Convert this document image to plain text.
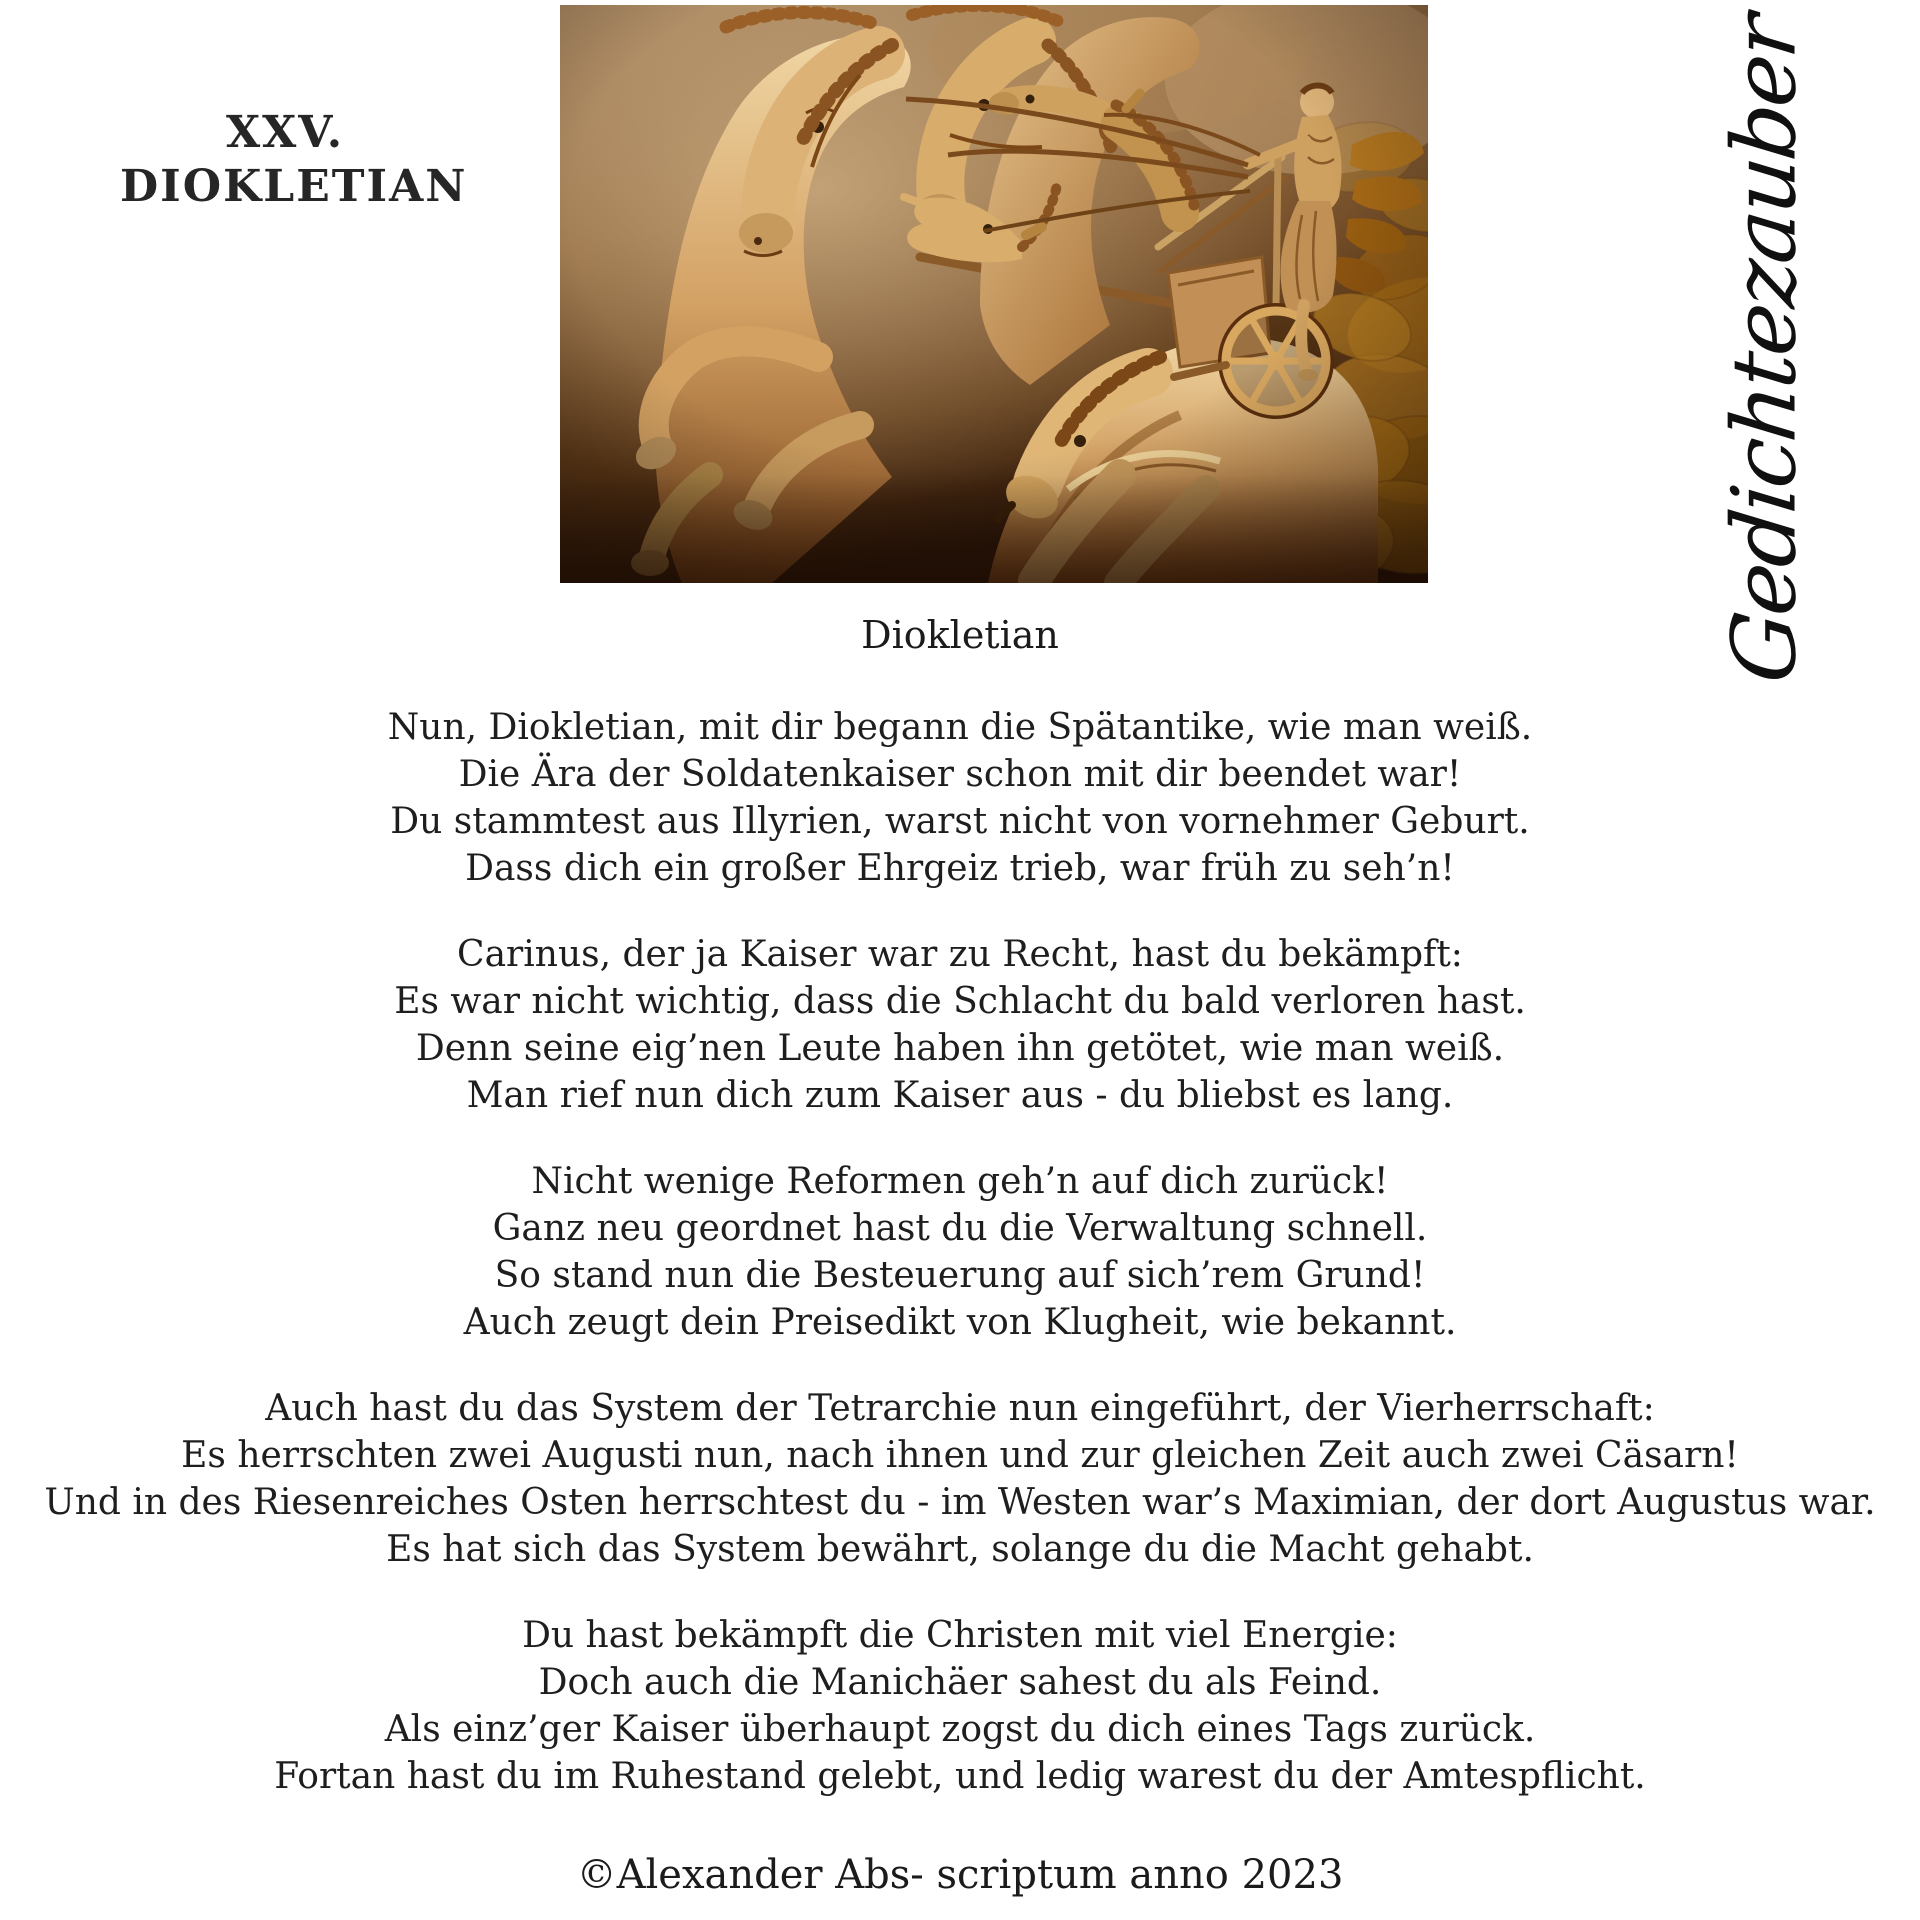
XXV.
DIOKLETIAN
Diokletian
Nun, Diokletian, mit dir begann die Spätantike, wie man weiß.
Die Ära der Soldatenkaiser schon mit dir beendet war!
Du stammtest aus Illyrien, warst nicht von vornehmer Geburt.
Dass dich ein großer Ehrgeiz trieb, war früh zu seh’n!
Carinus, der ja Kaiser war zu Recht, hast du bekämpft:
Es war nicht wichtig, dass die Schlacht du bald verloren hast.
Denn seine eig’nen Leute haben ihn getötet, wie man weiß.
Man rief nun dich zum Kaiser aus - du bliebst es lang.
Nicht wenige Reformen geh’n auf dich zurück!
Ganz neu geordnet hast du die Verwaltung schnell.
So stand nun die Besteuerung auf sich’rem Grund!
Auch zeugt dein Preisedikt von Klugheit, wie bekannt.
Auch hast du das System der Tetrarchie nun eingeführt, der Vierherrschaft:
Es herrschten zwei Augusti nun, nach ihnen und zur gleichen Zeit auch zwei Cäsarn!
Und in des Riesenreiches Osten herrschtest du - im Westen war’s Maximian, der dort Augustus war.
Es hat sich das System bewährt, solange du die Macht gehabt.
Du hast bekämpft die Christen mit viel Energie:
Doch auch die Manichäer sahest du als Feind.
Als einz’ger Kaiser überhaupt zogst du dich eines Tags zurück.
Fortan hast du im Ruhestand gelebt, und ledig warest du der Amtespflicht.
©Alexander Abs- scriptum anno 2023
Gedichtezauber
